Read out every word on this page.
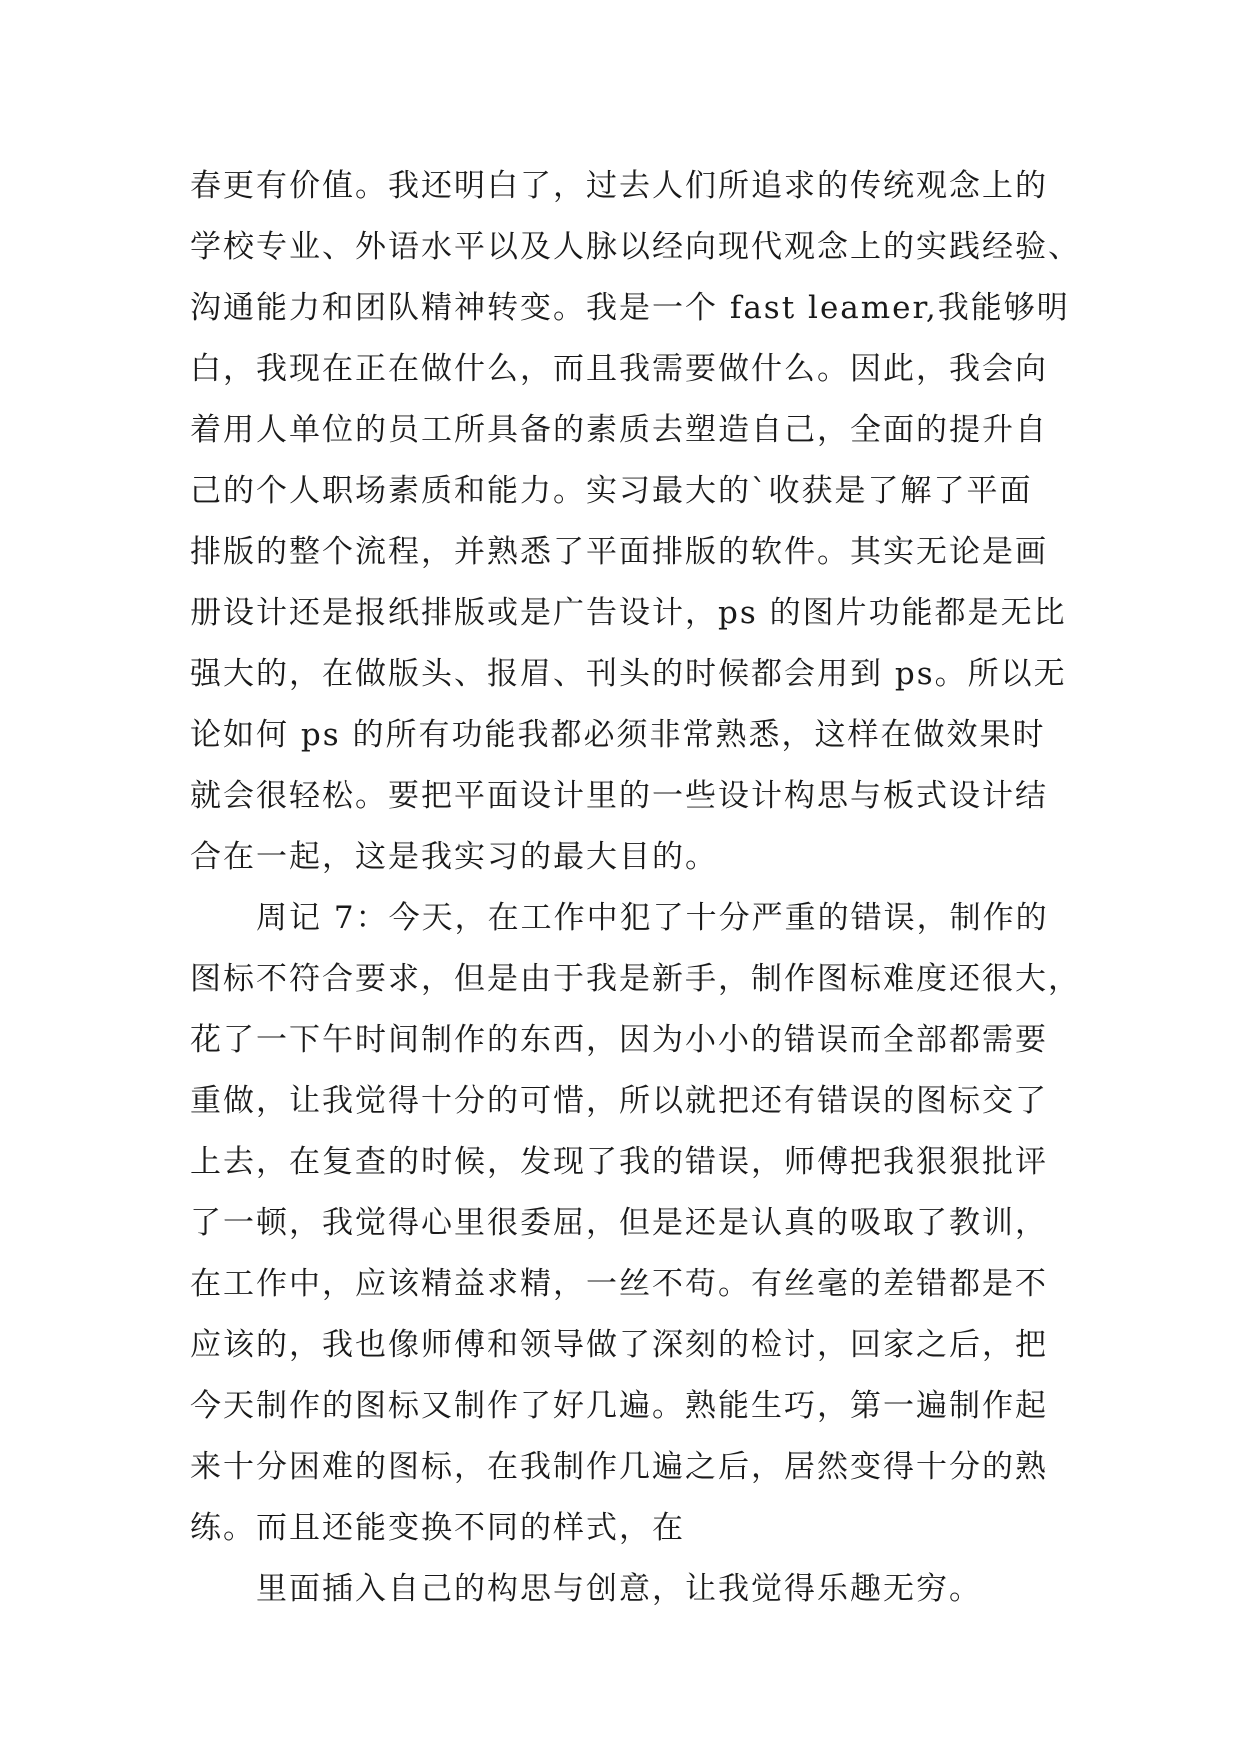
春更有价值。我还明白了，过去人们所追求的传统观念上的
学校专业、外语水平以及人脉以经向现代观念上的实践经验、
沟通能力和团队精神转变。我是一个 fast leamer,我能够明
白，我现在正在做什么，而且我需要做什么。因此，我会向
着用人单位的员工所具备的素质去塑造自己，全面的提升自
己的个人职场素质和能力。实习最大的`收获是了解了平面
排版的整个流程，并熟悉了平面排版的软件。其实无论是画
册设计还是报纸排版或是广告设计，ps 的图片功能都是无比
强大的，在做版头、报眉、刊头的时候都会用到 ps。所以无
论如何 ps 的所有功能我都必须非常熟悉，这样在做效果时
就会很轻松。要把平面设计里的一些设计构思与板式设计结
合在一起，这是我实习的最大目的。
周记 7：今天，在工作中犯了十分严重的错误，制作的
图标不符合要求，但是由于我是新手，制作图标难度还很大，
花了一下午时间制作的东西，因为小小的错误而全部都需要
重做，让我觉得十分的可惜，所以就把还有错误的图标交了
上去，在复查的时候，发现了我的错误，师傅把我狠狠批评
了一顿，我觉得心里很委屈，但是还是认真的吸取了教训，
在工作中，应该精益求精，一丝不苟。有丝毫的差错都是不
应该的，我也像师傅和领导做了深刻的检讨，回家之后，把
今天制作的图标又制作了好几遍。熟能生巧，第一遍制作起
来十分困难的图标，在我制作几遍之后，居然变得十分的熟
练。而且还能变换不同的样式，在
里面插入自己的构思与创意，让我觉得乐趣无穷。
